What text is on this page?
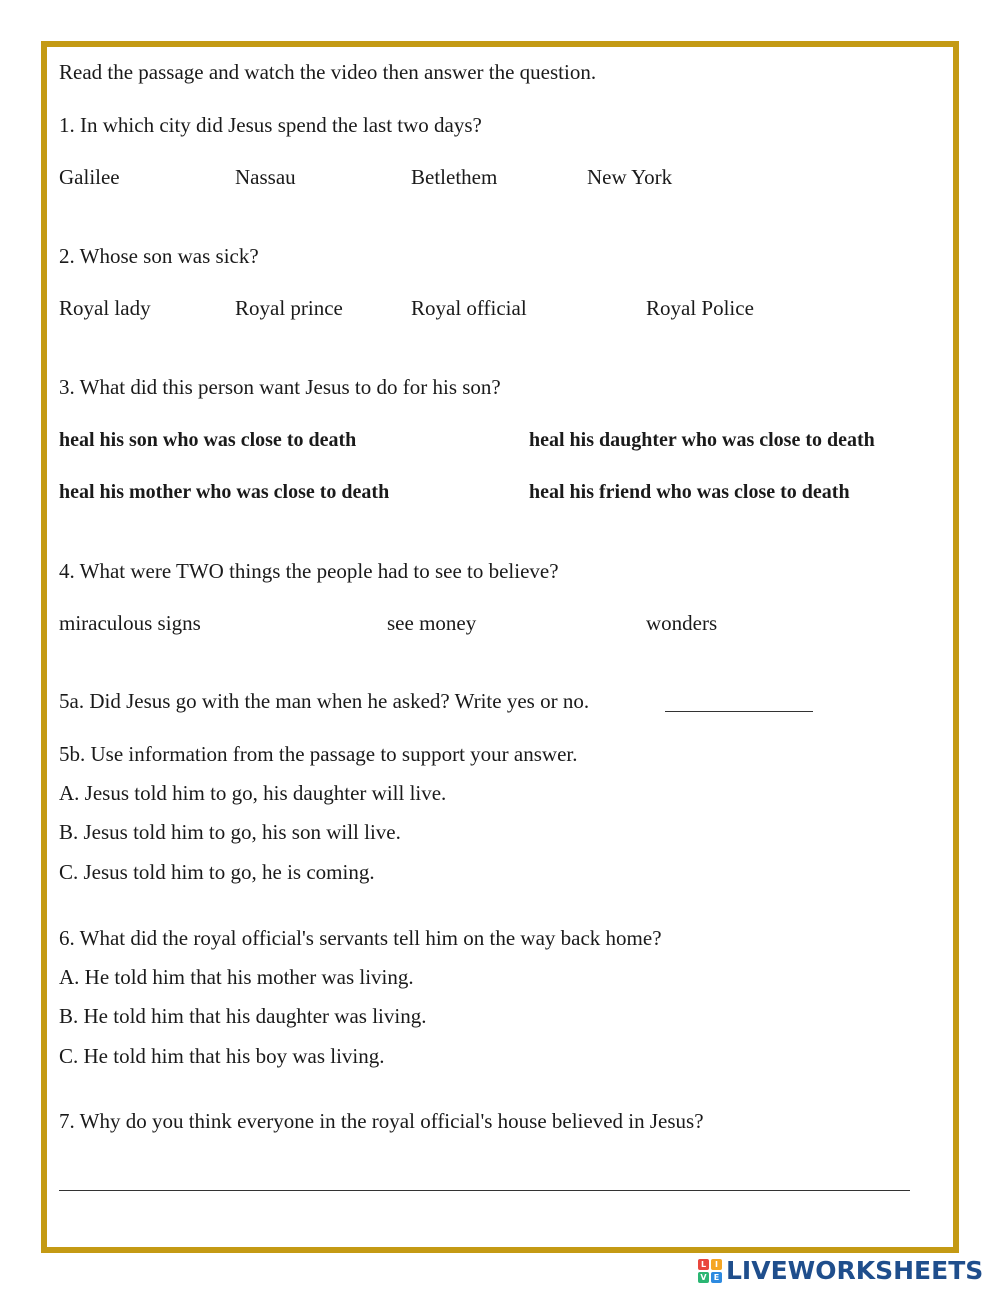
Read the passage and watch the video then answer the question.
1. In which city did Jesus spend the last two days?
Galilee	Nassau	Betlethem	New York
2. Whose son was sick?
Royal lady	Royal prince	Royal official	Royal Police
3. What did this person want Jesus to do for his son?
heal his son who was close to death	heal his daughter who was close to death
heal his mother who was close to death	heal his friend who was close to death
4. What were TWO things the people had to see to believe?
miraculous signs	see money	wonders
5a. Did Jesus go with the man when he asked? Write yes or no.
5b. Use information from the passage to support your answer.
A. Jesus told him to go, his daughter will live.
B. Jesus told him to go, his son will live.
C. Jesus told him to go, he is coming.
6. What did the royal official's servants tell him on the way back home?
A. He told him that his mother was living.
B. He told him that his daughter was living.
C. He told him that his boy was living.
7. Why do you think everyone in the royal official's house believed in Jesus?
L	I
V E LIVEWORKSHEETS
